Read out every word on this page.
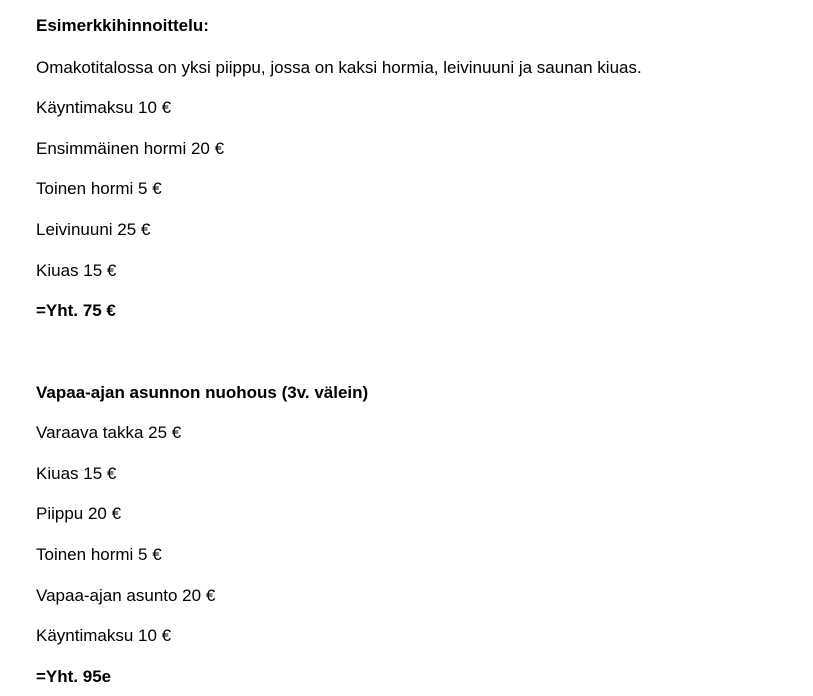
Esimerkkihinnoittelu:
Omakotitalossa on yksi piippu, jossa on kaksi hormia, leivinuuni ja saunan kiuas.
Käyntimaksu 10 €
Ensimmäinen hormi 20 €
Toinen hormi 5 €
Leivinuuni 25 €
Kiuas 15 €
=Yht. 75 €
Vapaa-ajan asunnon nuohous (3v. välein)
Varaava takka 25 €
Kiuas 15 €
Piippu 20 €
Toinen hormi 5 €
Vapaa-ajan asunto 20 €
Käyntimaksu 10 €
=Yht. 95e
